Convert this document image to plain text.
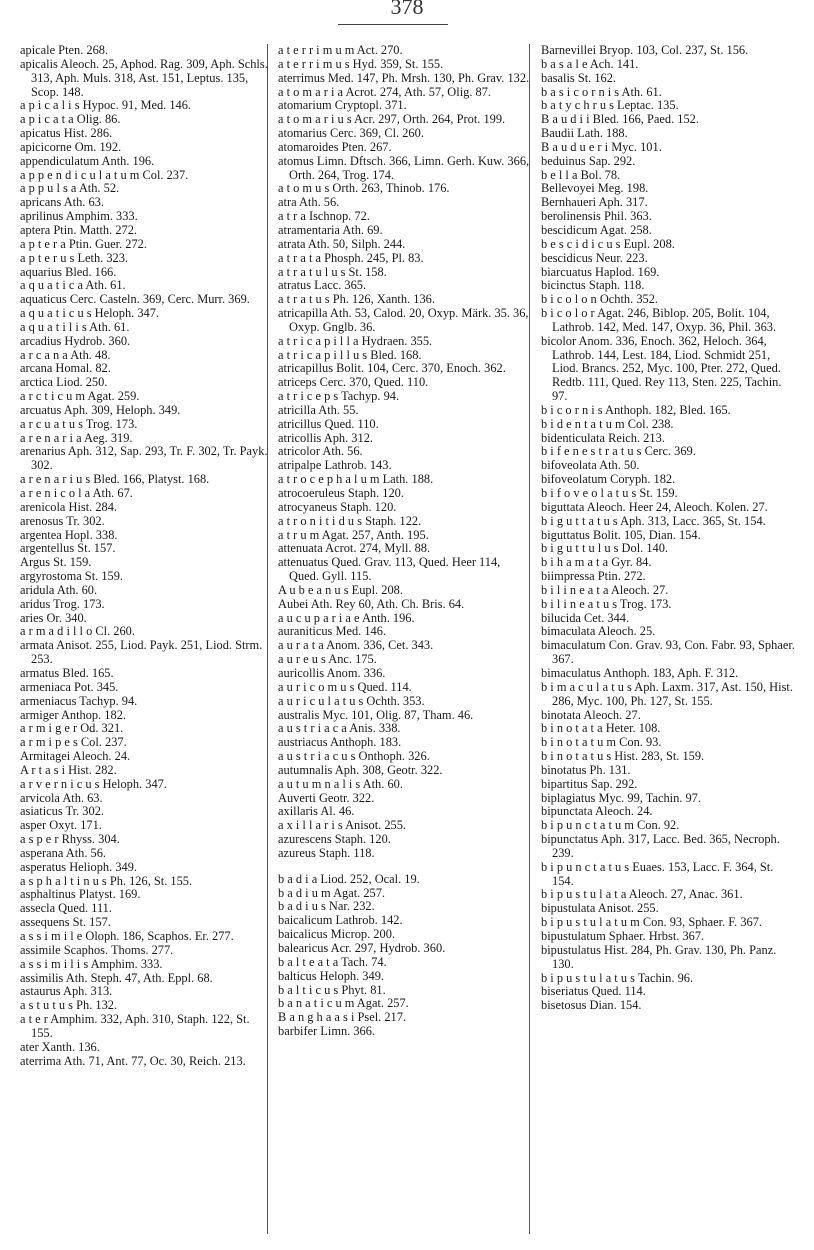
378
apicale Pten. 268.
apicalis Aleoch. 25, Aphod. Rag. 309, Aph. Schls. 313, Aph. Muls. 318, Ast. 151, Leptus. 135, Scop. 148.
a p i c a l i s Hypoc. 91, Med. 146.
a p i c a t a Olig. 86.
apicatus Hist. 286.
apicicorne Om. 192.
appendiculatum Anth. 196.
a p p e n d i c u l a t u m Col. 237.
a p p u l s a Ath. 52.
apricans Ath. 63.
aprilinus Amphim. 333.
aptera Ptin. Matth. 272.
a p t e r a Ptin. Guer. 272.
a p t e r u s Leth. 323.
aquarius Bled. 166.
a q u a t i c a Ath. 61.
aquaticus Cerc. Casteln. 369, Cerc. Murr. 369.
a q u a t i c u s Heloph. 347.
a q u a t i l i s Ath. 61.
arcadius Hydrob. 360.
a r c a n a Ath. 48.
arcana Homal. 82.
arctica Liod. 250.
a r c t i c u m Agat. 259.
arcuatus Aph. 309, Heloph. 349.
a r c u a t u s Trog. 173.
a r e n a r i a Aeg. 319.
arenarius Aph. 312, Sap. 293, Tr. F. 302, Tr. Payk. 302.
a r e n a r i u s Bled. 166, Platyst. 168.
a r e n i c o l a Ath. 67.
arenicola Hist. 284.
arenosus Tr. 302.
argentea Hopl. 338.
argentellus St. 157.
Argus St. 159.
argyrostoma St. 159.
aridula Ath. 60.
aridus Trog. 173.
aries Or. 340.
a r m a d i l l o Cl. 260.
armata Anisot. 255, Liod. Payk. 251, Liod. Strm. 253.
armatus Bled. 165.
armeniaca Pot. 345.
armeniacus Tachyp. 94.
armiger Anthop. 182.
a r m i g e r Od. 321.
a r m i p e s Col. 237.
Armitagei Aleoch. 24.
A r t a s i Hist. 282.
a r v e r n i c u s Heloph. 347.
arvicola Ath. 63.
asiaticus Tr. 302.
asper Oxyt. 171.
a s p e r Rhyss. 304.
asperana Ath. 56.
asperatus Helioph. 349.
a s p h a l t i n u s Ph. 126, St. 155.
asphaltinus Platyst. 169.
assecla Qued. 111.
assequens St. 157.
a s s i m i l e Oloph. 186, Scaphos. Er. 277.
assimile Scaphos. Thoms. 277.
a s s i m i l i s Amphim. 333.
assimilis Ath. Steph. 47, Ath. Eppl. 68.
astaurus Aph. 313.
a s t u t u s Ph. 132.
a t e r Amphim. 332, Aph. 310, Staph. 122, St. 155.
ater Xanth. 136.
aterrima Ath. 71, Ant. 77, Oc. 30, Reich. 213.
a t e r r i m u m Act. 270.
a t e r r i m u s Hyd. 359, St. 155.
aterrimus Med. 147, Ph. Mrsh. 130, Ph. Grav. 132.
a t o m a r i a Acrot. 274, Ath. 57, Olig. 87.
atomarium Cryptopl. 371.
a t o m a r i u s Acr. 297, Orth. 264, Prot. 199.
atomarius Cerc. 369, Cl. 260.
atomaroides Pten. 267.
atomus Limn. Dftsch. 366, Limn. Gerh. Kuw. 366, Orth. 264, Trog. 174.
a t o m u s Orth. 263, Thinob. 176.
atra Ath. 56.
a t r a Ischnop. 72.
atramentaria Ath. 69.
atrata Ath. 50, Silph. 244.
a t r a t a Phosph. 245, Pl. 83.
a t r a t u l u s St. 158.
atratus Lacc. 365.
a t r a t u s Ph. 126, Xanth. 136.
atricapilla Ath. 53, Calod. 20, Oxyp. Märk. 35. 36, Oxyp. Gnglb. 36.
a t r i c a p i l l a Hydraen. 355.
a t r i c a p i l l u s Bled. 168.
atricapillus Bolit. 104, Cerc. 370, Enoch. 362.
atriceps Cerc. 370, Qued. 110.
a t r i c e p s Tachyp. 94.
atricilla Ath. 55.
atricillus Qued. 110.
atricollis Aph. 312.
atricolor Ath. 56.
atripalpe Lathrob. 143.
a t r o c e p h a l u m Lath. 188.
atrocoeruleus Staph. 120.
atrocyaneus Staph. 120.
a t r o n i t i d u s Staph. 122.
a t r u m Agat. 257, Anth. 195.
attenuata Acrot. 274, Myll. 88.
attenuatus Qued. Grav. 113, Qued. Heer 114, Qued. Gyll. 115.
A u b e a n u s Eupl. 208.
Aubei Ath. Rey 60, Ath. Ch. Bris. 64.
a u c u p a r i a e Anth. 196.
auraniticus Med. 146.
a u r a t a Anom. 336, Cet. 343.
a u r e u s Anc. 175.
auricollis Anom. 336.
a u r i c o m u s Qued. 114.
a u r i c u l a t u s Ochth. 353.
australis Myc. 101, Olig. 87, Tham. 46.
a u s t r i a c a Anis. 338.
austriacus Anthoph. 183.
a u s t r i a c u s Onthoph. 326.
autumnalis Aph. 308, Geotr. 322.
a u t u m n a l i s Ath. 60.
Auverti Geotr. 322.
axillaris Al. 46.
a x i l l a r i s Anisot. 255.
azurescens Staph. 120.
azureus Staph. 118.
b a d i a Liod. 252, Ocal. 19.
b a d i u m Agat. 257.
b a d i u s Nar. 232.
baicalicum Lathrob. 142.
baicalicus Microp. 200.
balearicus Acr. 297, Hydrob. 360.
b a l t e a t a Tach. 74.
balticus Heloph. 349.
b a l t i c u s Phyt. 81.
b a n a t i c u m Agat. 257.
B a n g h a a s i Psel. 217.
barbifer Limn. 366.
Barnevillei Bryop. 103, Col. 237, St. 156.
b a s a l e Ach. 141.
basalis St. 162.
b a s i c o r n i s Ath. 61.
b a t y c h r u s Leptac. 135.
B a u d i i Bled. 166, Paed. 152.
Baudii Lath. 188.
B a u d u e r i Myc. 101.
beduinus Sap. 292.
b e l l a Bol. 78.
Bellevoyei Meg. 198.
Bernhaueri Aph. 317.
berolinensis Phil. 363.
bescidicum Agat. 258.
b e s c i d i c u s Eupl. 208.
bescidicus Neur. 223.
biarcuatus Haplod. 169.
bicinctus Staph. 118.
b i c o l o n Ochth. 352.
b i c o l o r Agat. 246, Biblop. 205, Bolit. 104, Lathrob. 142, Med. 147, Oxyp. 36, Phil. 363.
bicolor Anom. 336, Enoch. 362, Heloch. 364, Lathrob. 144, Lest. 184, Liod. Schmidt 251, Liod. Brancs. 252, Myc. 100, Pter. 272, Qued. Redtb. 111, Qued. Rey 113, Sten. 225, Tachin. 97.
b i c o r n i s Anthoph. 182, Bled. 165.
b i d e n t a t u m Col. 238.
bidenticulata Reich. 213.
b i f e n e s t r a t u s Cerc. 369.
bifoveolata Ath. 50.
bifoveolatum Coryph. 182.
b i f o v e o l a t u s St. 159.
biguttata Aleoch. Heer 24, Aleoch. Kolen. 27.
b i g u t t a t u s Aph. 313, Lacc. 365, St. 154.
biguttatus Bolit. 105, Dian. 154.
b i g u t t u l u s Dol. 140.
b i h a m a t a Gyr. 84.
biimpressa Ptin. 272.
b i l i n e a t a Aleoch. 27.
b i l i n e a t u s Trog. 173.
bilucida Cet. 344.
bimaculata Aleoch. 25.
bimaculatum Con. Grav. 93, Con. Fabr. 93, Sphaer. 367.
bimaculatus Anthoph. 183, Aph. F. 312.
b i m a c u l a t u s Aph. Laxm. 317, Ast. 150, Hist. 286, Myc. 100, Ph. 127, St. 155.
binotata Aleoch. 27.
b i n o t a t a Heter. 108.
b i n o t a t u m Con. 93.
b i n o t a t u s Hist. 283, St. 159.
binotatus Ph. 131.
bipartitus Sap. 292.
biplagiatus Myc. 99, Tachin. 97.
bipunctata Aleoch. 24.
b i p u n c t a t u m Con. 92.
bipunctatus Aph. 317, Lacc. Bed. 365, Necroph. 239.
b i p u n c t a t u s Euaes. 153, Lacc. F. 364, St. 154.
b i p u s t u l a t a Aleoch. 27, Anac. 361.
bipustulata Anisot. 255.
b i p u s t u l a t u m Con. 93, Sphaer. F. 367.
bipustulatum Sphaer. Hrbst. 367.
bipustulatus Hist. 284, Ph. Grav. 130, Ph. Panz. 130.
b i p u s t u l a t u s Tachin. 96.
biseriatus Qued. 114.
bisetosus Dian. 154.
